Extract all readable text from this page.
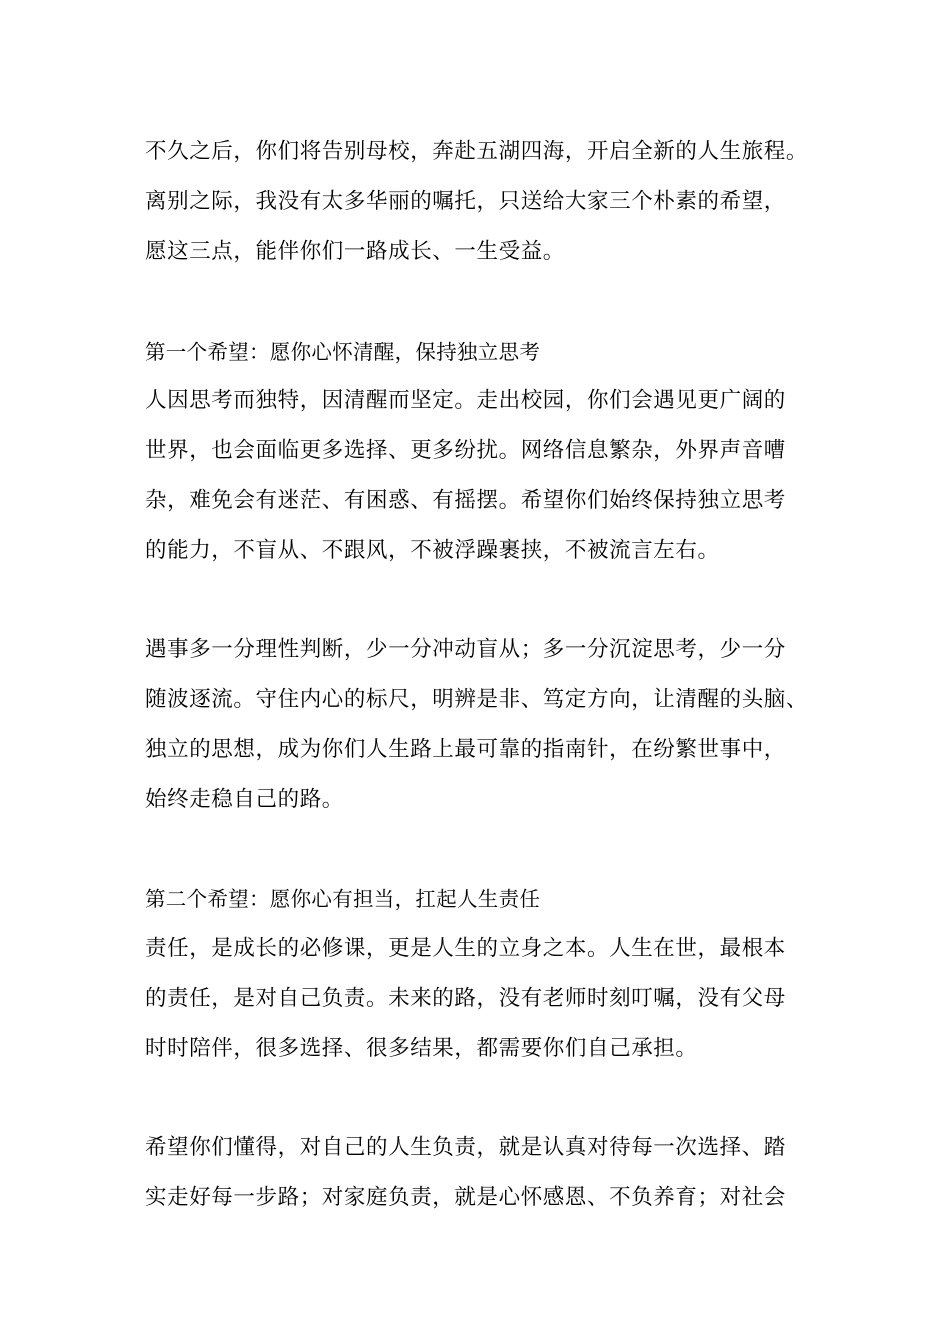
不久之后，你们将告别母校，奔赴五湖四海，开启全新的人生旅程。
离别之际，我没有太多华丽的嘱托，只送给大家三个朴素的希望，
愿这三点，能伴你们一路成长、一生受益。
第一个希望：愿你心怀清醒，保持独立思考
人因思考而独特，因清醒而坚定。走出校园，你们会遇见更广阔的
世界，也会面临更多选择、更多纷扰。网络信息繁杂，外界声音嘈
杂，难免会有迷茫、有困惑、有摇摆。希望你们始终保持独立思考
的能力，不盲从、不跟风，不被浮躁裹挟，不被流言左右。
遇事多一分理性判断，少一分冲动盲从；多一分沉淀思考，少一分
随波逐流。守住内心的标尺，明辨是非、笃定方向，让清醒的头脑、
独立的思想，成为你们人生路上最可靠的指南针，在纷繁世事中，
始终走稳自己的路。
第二个希望：愿你心有担当，扛起人生责任
责任，是成长的必修课，更是人生的立身之本。人生在世，最根本
的责任，是对自己负责。未来的路，没有老师时刻叮嘱，没有父母
时时陪伴，很多选择、很多结果，都需要你们自己承担。
希望你们懂得，对自己的人生负责，就是认真对待每一次选择、踏
实走好每一步路；对家庭负责，就是心怀感恩、不负养育；对社会
